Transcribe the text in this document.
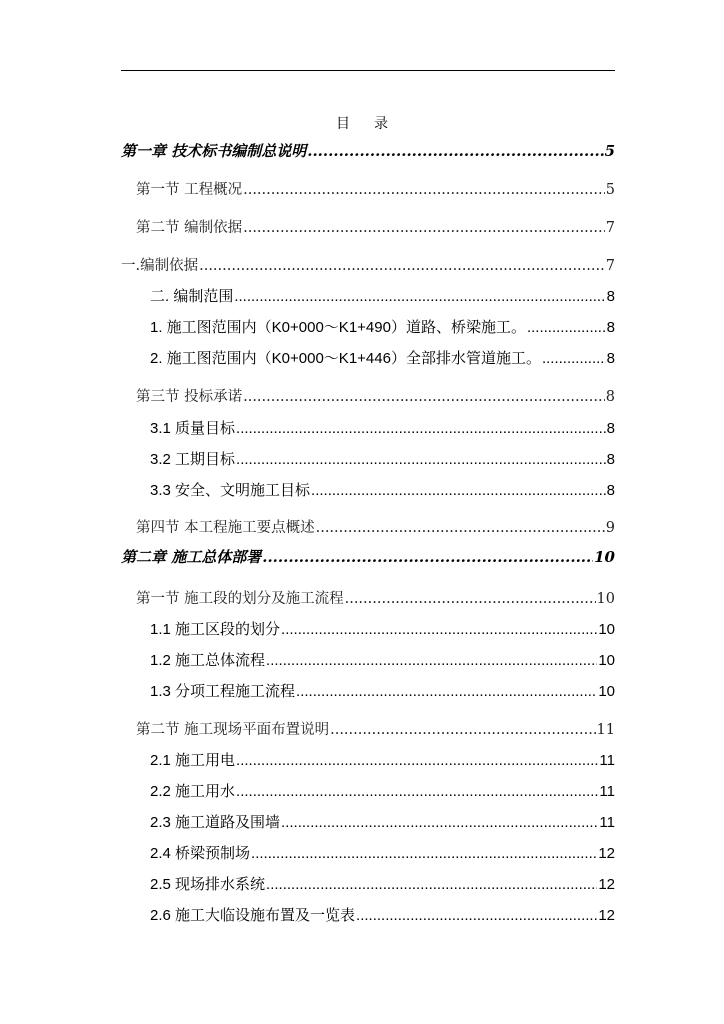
目 录
第一章 技术标书编制总说明 .....	5
第一节 工程概况 .....	5
第二节 编制依据 .....	7
一.编制依据 .....	7
二. 编制范围 .....	8
1. 施工图范围内（K0+000～K1+490）道路、桥梁施工。 .....	8
2. 施工图范围内（K0+000～K1+446）全部排水管道施工。 .....	8
第三节 投标承诺 .....	8
3.1 质量目标 .....	8
3.2 工期目标 .....	8
3.3 安全、文明施工目标 .....	8
第四节 本工程施工要点概述 .....	9
第二章 施工总体部署 .....	10
第一节 施工段的划分及施工流程 .....	10
1.1 施工区段的划分 .....	10
1.2 施工总体流程 .....	10
1.3 分项工程施工流程 .....	10
第二节 施工现场平面布置说明 .....	11
2.1 施工用电 .....	11
2.2 施工用水 .....	11
2.3 施工道路及围墙 .....	11
2.4 桥梁预制场 .....	12
2.5 现场排水系统 .....	12
2.6 施工大临设施布置及一览表 .....	12
